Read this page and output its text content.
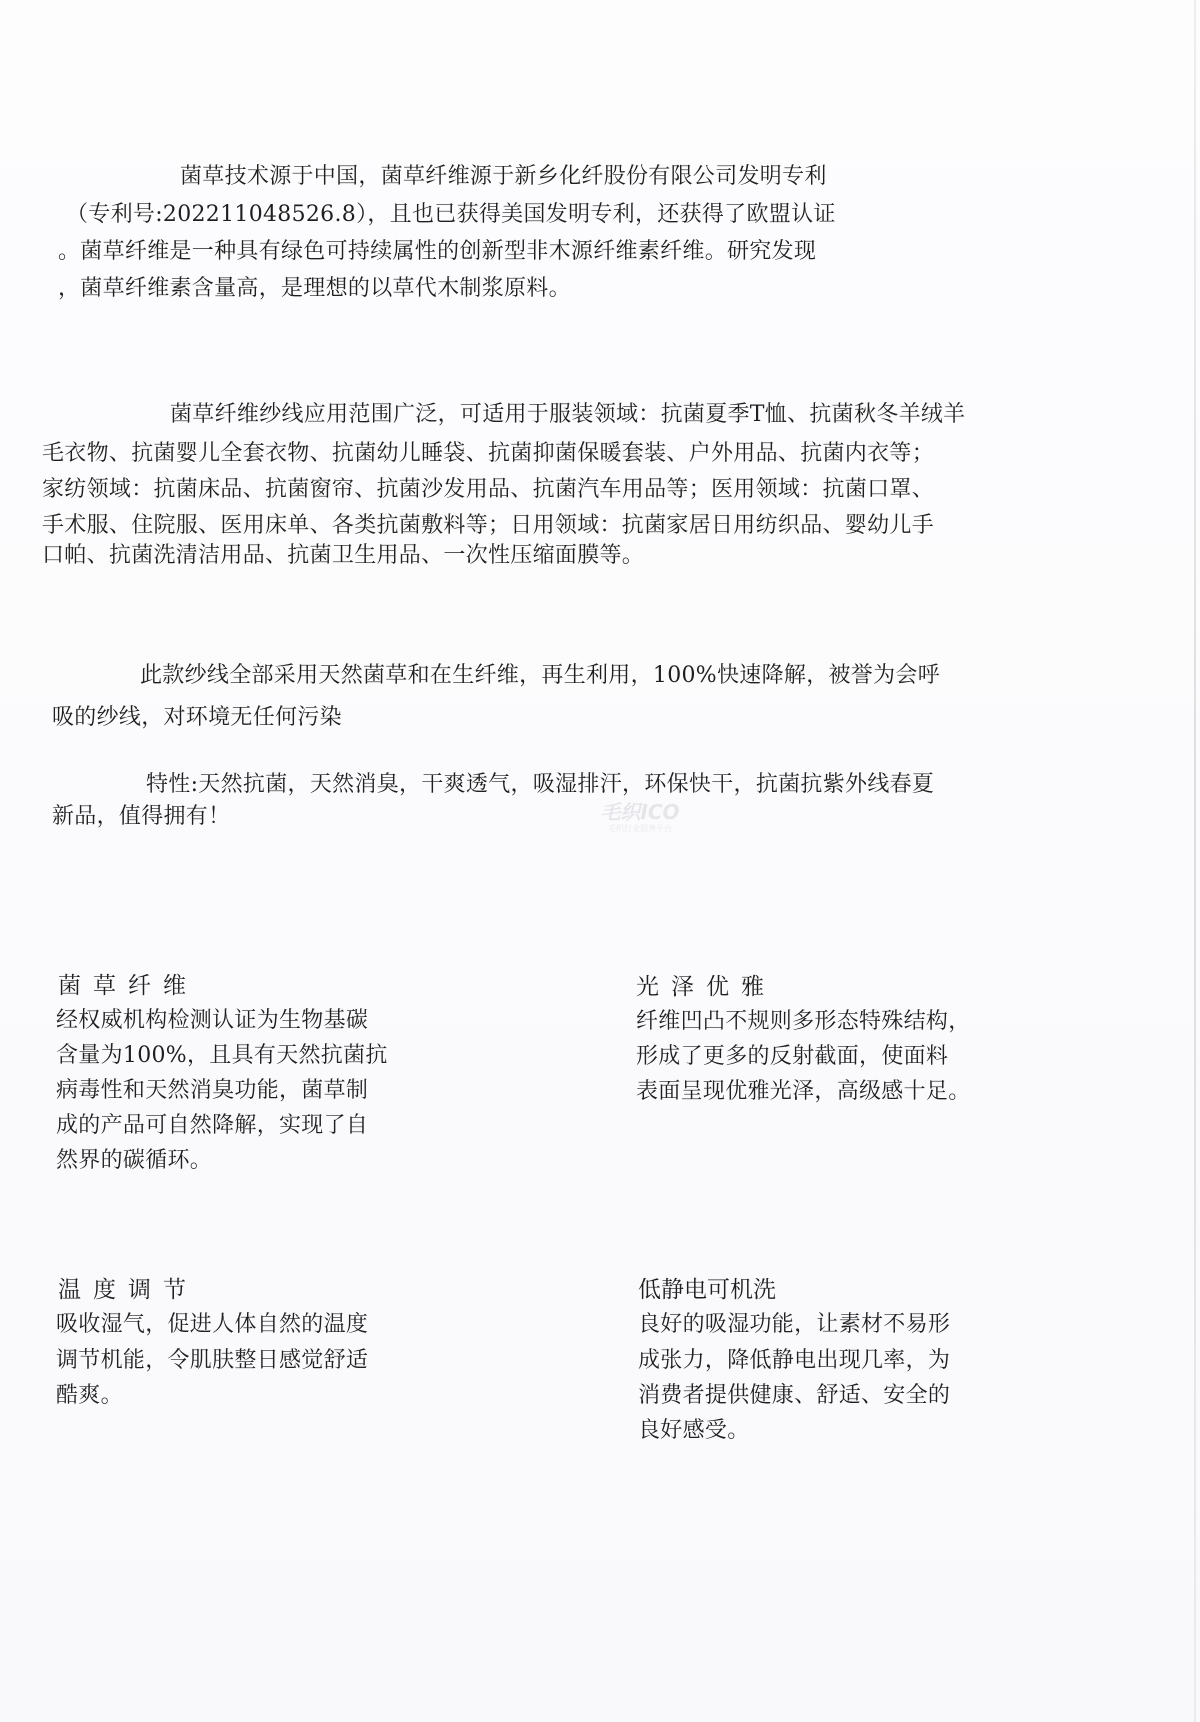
菌草技术源于中国，菌草纤维源于新乡化纤股份有限公司发明专利
（专利号:202211048526.8），且也已获得美国发明专利，还获得了欧盟认证
。菌草纤维是一种具有绿色可持续属性的创新型非木源纤维素纤维。研究发现
，菌草纤维素含量高，是理想的以草代木制浆原料。
菌草纤维纱线应用范围广泛，可适用于服装领域：抗菌夏季T恤、抗菌秋冬羊绒羊
毛衣物、抗菌婴儿全套衣物、抗菌幼儿睡袋、抗菌抑菌保暖套装、户外用品、抗菌内衣等；
家纺领域：抗菌床品、抗菌窗帘、抗菌沙发用品、抗菌汽车用品等；医用领域：抗菌口罩、
手术服、住院服、医用床单、各类抗菌敷料等；日用领域：抗菌家居日用纺织品、婴幼儿手
口帕、抗菌洗清洁用品、抗菌卫生用品、一次性压缩面膜等。
此款纱线全部采用天然菌草和在生纤维，再生利用，100%快速降解，被誉为会呼
吸的纱线，对环境无任何污染
特性:天然抗菌，天然消臭，干爽透气，吸湿排汗，环保快干，抗菌抗紫外线春夏
新品，值得拥有！	毛织ICO
毛织行业服务平台
菌草纤维
经权威机构检测认证为生物基碳
含量为100%，且具有天然抗菌抗
病毒性和天然消臭功能，菌草制
成的产品可自然降解，实现了自
然界的碳循环。
光泽优雅
纤维凹凸不规则多形态特殊结构，
形成了更多的反射截面，使面料
表面呈现优雅光泽，高级感十足。
温度调节
吸收湿气，促进人体自然的温度
调节机能，令肌肤整日感觉舒适
酷爽。
低静电可机洗
良好的吸湿功能，让素材不易形
成张力，降低静电出现几率，为
消费者提供健康、舒适、安全的
良好感受。
